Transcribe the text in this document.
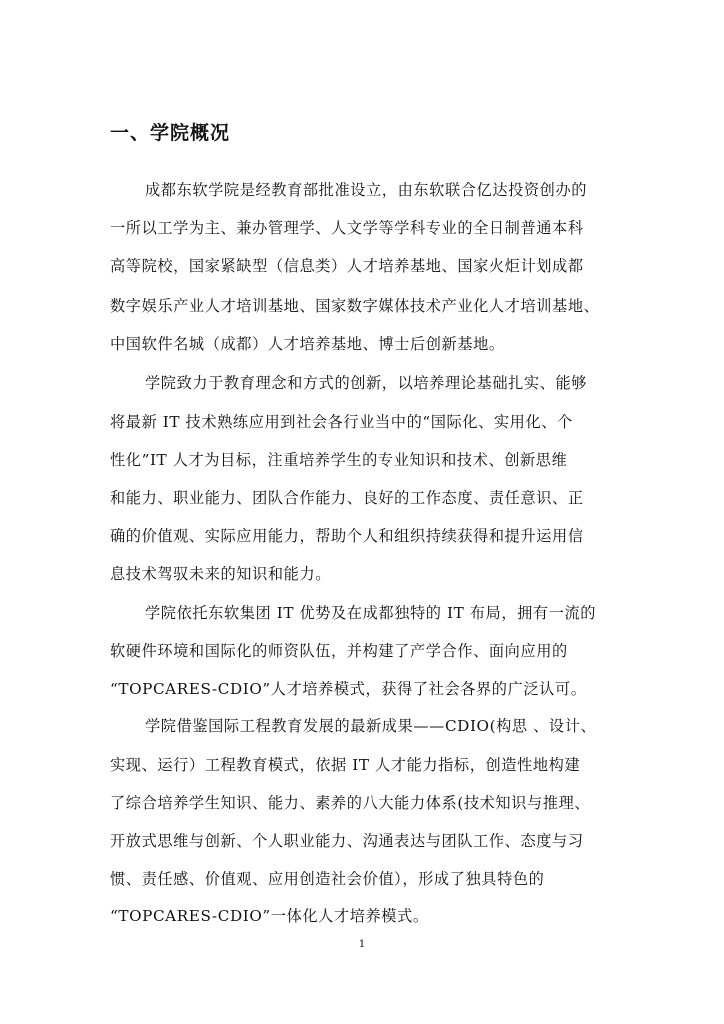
一、学院概况
成都东软学院是经教育部批准设立，由东软联合亿达投资创办的
一所以工学为主、兼办管理学、人文学等学科专业的全日制普通本科
高等院校，国家紧缺型（信息类）人才培养基地、国家火炬计划成都
数字娱乐产业人才培训基地、国家数字媒体技术产业化人才培训基地、
中国软件名城（成都）人才培养基地、博士后创新基地。
学院致力于教育理念和方式的创新，以培养理论基础扎实、能够
将最新 IT 技术熟练应用到社会各行业当中的“国际化、实用化、个
性化”IT 人才为目标，注重培养学生的专业知识和技术、创新思维
和能力、职业能力、团队合作能力、良好的工作态度、责任意识、正
确的价值观、实际应用能力，帮助个人和组织持续获得和提升运用信
息技术驾驭未来的知识和能力。
学院依托东软集团 IT 优势及在成都独特的 IT 布局，拥有一流的
软硬件环境和国际化的师资队伍，并构建了产学合作、面向应用的
“TOPCARES-CDIO”人才培养模式，获得了社会各界的广泛认可。
学院借鉴国际工程教育发展的最新成果——CDIO(构思 、设计、
实现、运行）工程教育模式，依据 IT 人才能力指标，创造性地构建
了综合培养学生知识、能力、素养的八大能力体系(技术知识与推理、
开放式思维与创新、个人职业能力、沟通表达与团队工作、态度与习
惯、责任感、价值观、应用创造社会价值），形成了独具特色的
“TOPCARES-CDIO”一体化人才培养模式。
1
